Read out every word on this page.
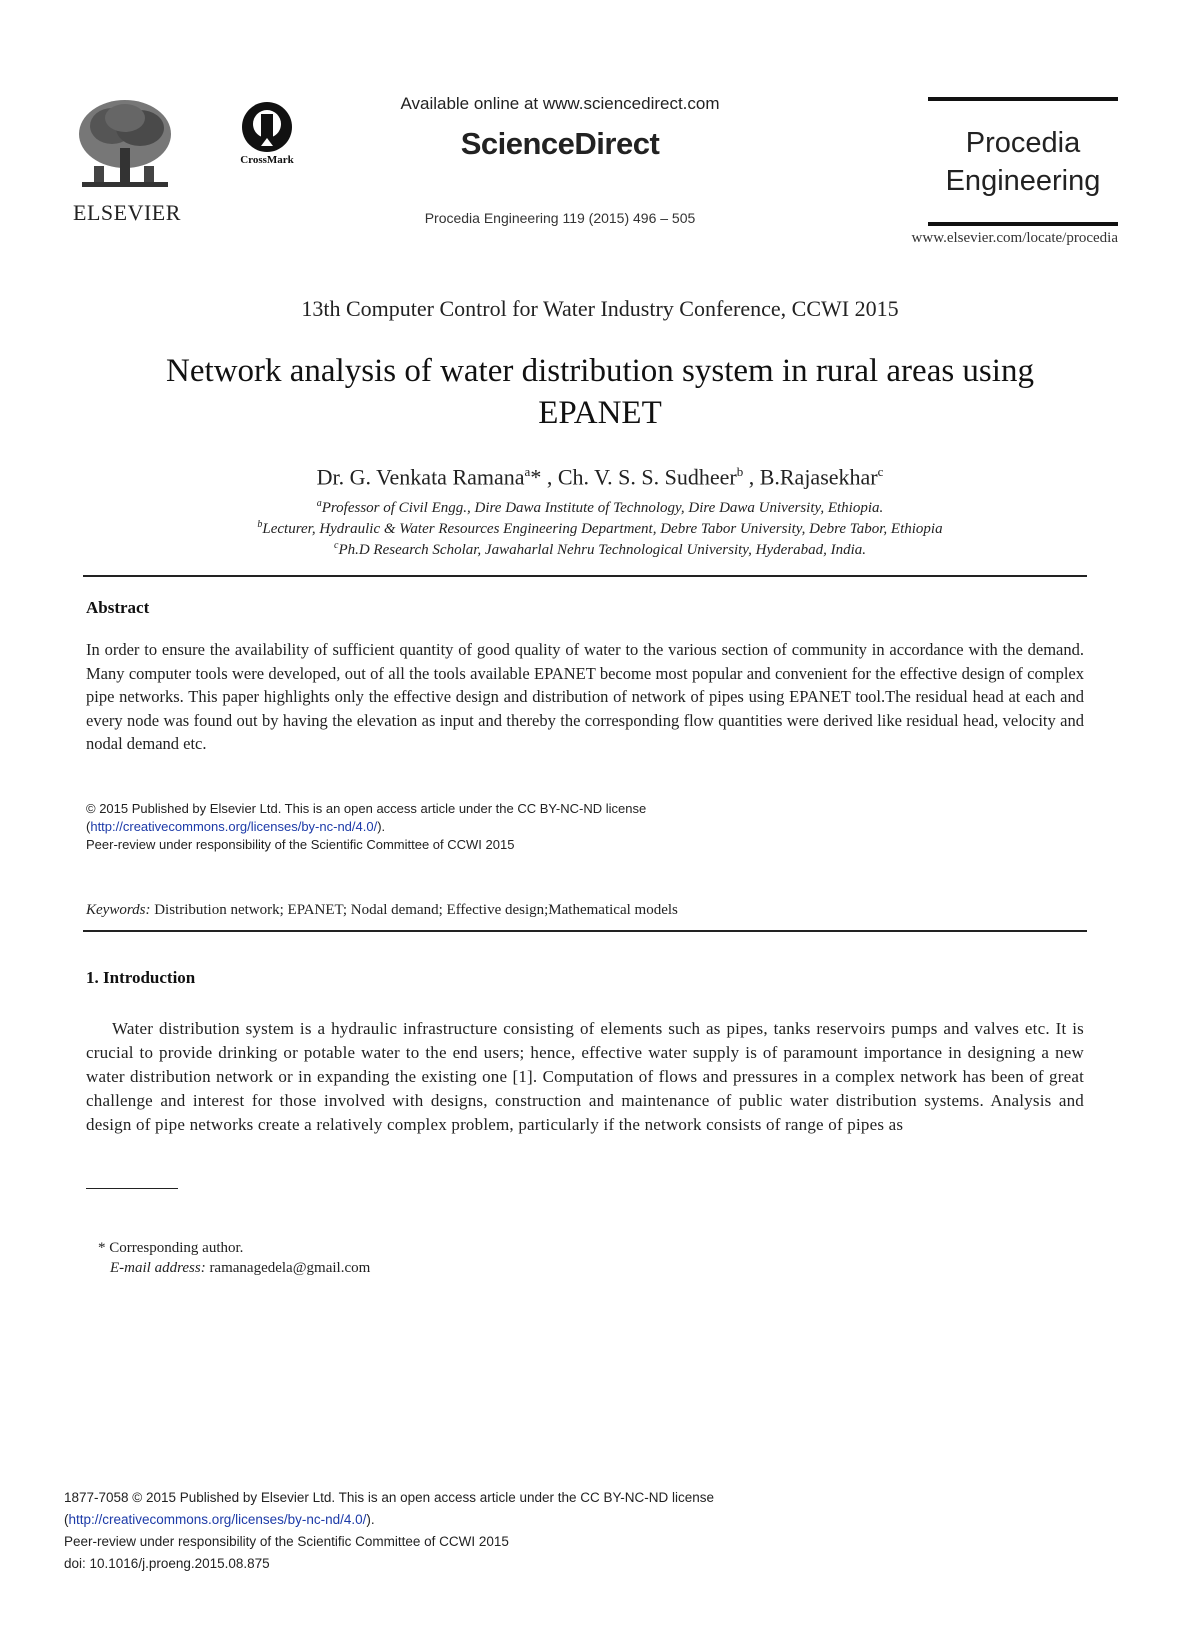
ELSEVIER
CrossMark
Available online at www.sciencedirect.com
ScienceDirect
Procedia Engineering 119 (2015) 496 – 505
Procedia
Engineering
www.elsevier.com/locate/procedia
13th Computer Control for Water Industry Conference, CCWI 2015
Network analysis of water distribution system in rural areas using
EPANET
Dr. G. Venkata Ramana$^a$* , Ch. V. S. S. Sudheer$^b$ , B.Rajasekhar$^c$
$^a$Professor of Civil Engg., Dire Dawa Institute of Technology, Dire Dawa University, Ethiopia.
$^b$Lecturer, Hydraulic & Water Resources Engineering Department, Debre Tabor University, Debre Tabor, Ethiopia
$^c$Ph.D Research Scholar, Jawaharlal Nehru Technological University, Hyderabad, India.
Abstract
In order to ensure the availability of sufficient quantity of good quality of water to the various section of community in accordance with the demand. Many computer tools were developed, out of all the tools available EPANET become most popular and convenient for the effective design of complex pipe networks. This paper highlights only the effective design and distribution of network of pipes using EPANET tool.The residual head at each and every node was found out by having the elevation as input and thereby the corresponding flow quantities were derived like residual head, velocity and nodal demand etc.
© 2015 Published by Elsevier Ltd. This is an open access article under the CC BY-NC-ND license
(http://creativecommons.org/licenses/by-nc-nd/4.0/).
Peer-review under responsibility of the Scientific Committee of CCWI 2015
Keywords: Distribution network; EPANET; Nodal demand; Effective design;Mathematical models
1. Introduction
Water distribution system is a hydraulic infrastructure consisting of elements such as pipes, tanks reservoirs pumps and valves etc. It is crucial to provide drinking or potable water to the end users; hence, effective water supply is of paramount importance in designing a new water distribution network or in expanding the existing one [1]. Computation of flows and pressures in a complex network has been of great challenge and interest for those involved with designs, construction and maintenance of public water distribution systems. Analysis and design of pipe networks create a relatively complex problem, particularly if the network consists of range of pipes as
* Corresponding author.
E-mail address: ramanagedela@gmail.com
1877-7058 © 2015 Published by Elsevier Ltd. This is an open access article under the CC BY-NC-ND license
(http://creativecommons.org/licenses/by-nc-nd/4.0/).
Peer-review under responsibility of the Scientific Committee of CCWI 2015
doi: 10.1016/j.proeng.2015.08.875
